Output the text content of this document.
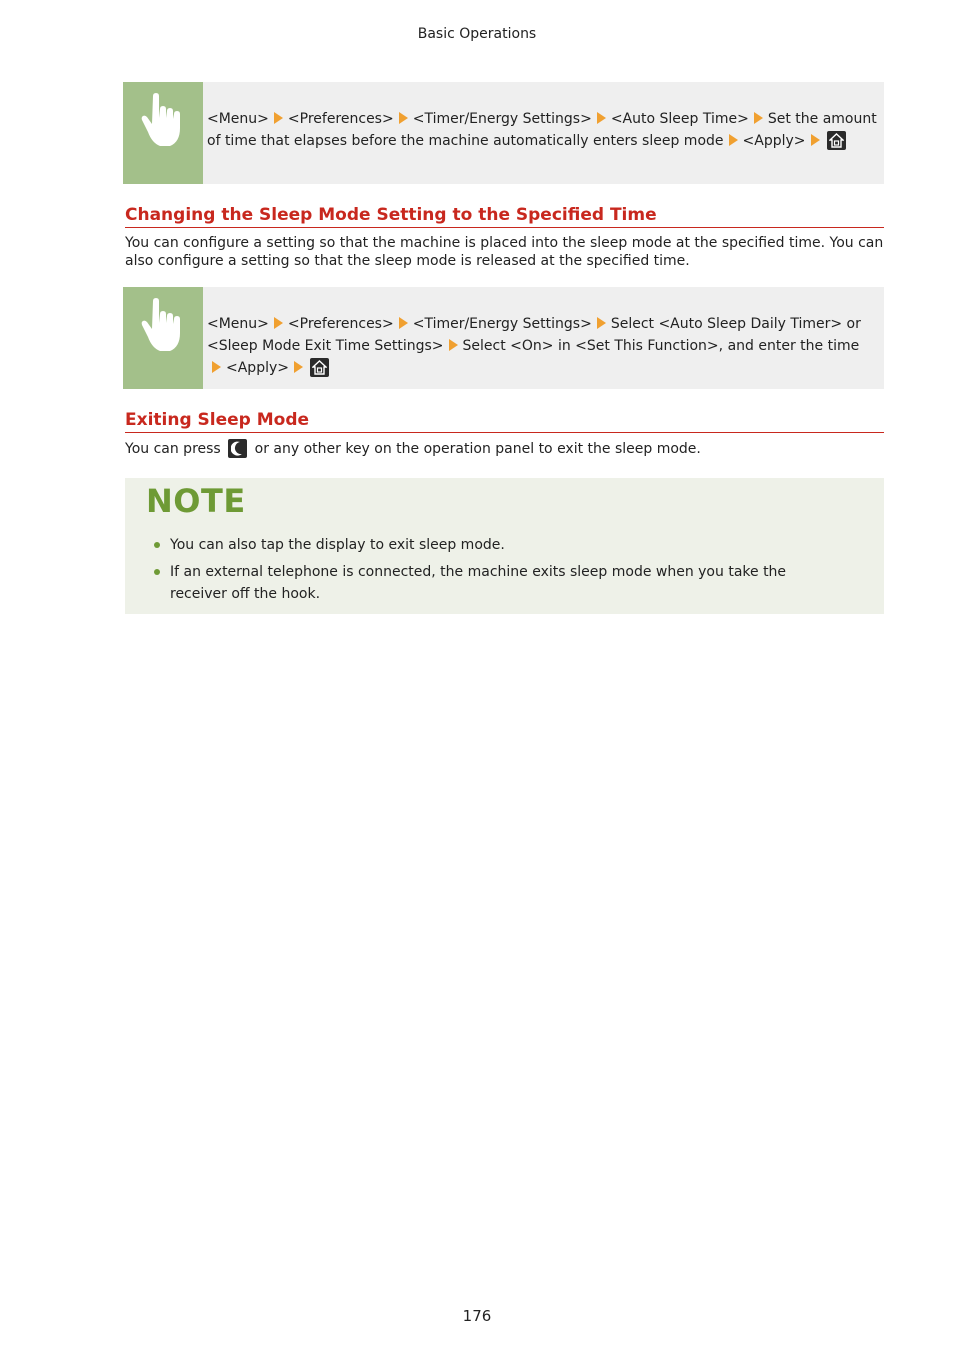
Basic Operations
<Menu> <Preferences> <Timer/Energy Settings> <Auto Sleep Time> Set the amount of time that elapses before the machine automatically enters sleep mode <Apply>
Changing the Sleep Mode Setting to the Specified Time
You can configure a setting so that the machine is placed into the sleep mode at the specified time. You can also configure a setting so that the sleep mode is released at the specified time.
<Menu> <Preferences> <Timer/Energy Settings> Select <Auto Sleep Daily Timer> or <Sleep Mode Exit Time Settings> Select <On> in <Set This Function>, and enter the time<Apply>
Exiting Sleep Mode
You can press or any other key on the operation panel to exit the sleep mode.
NOTE
You can also tap the display to exit sleep mode.
If an external telephone is connected, the machine exits sleep mode when you take the receiver off the hook.
176
